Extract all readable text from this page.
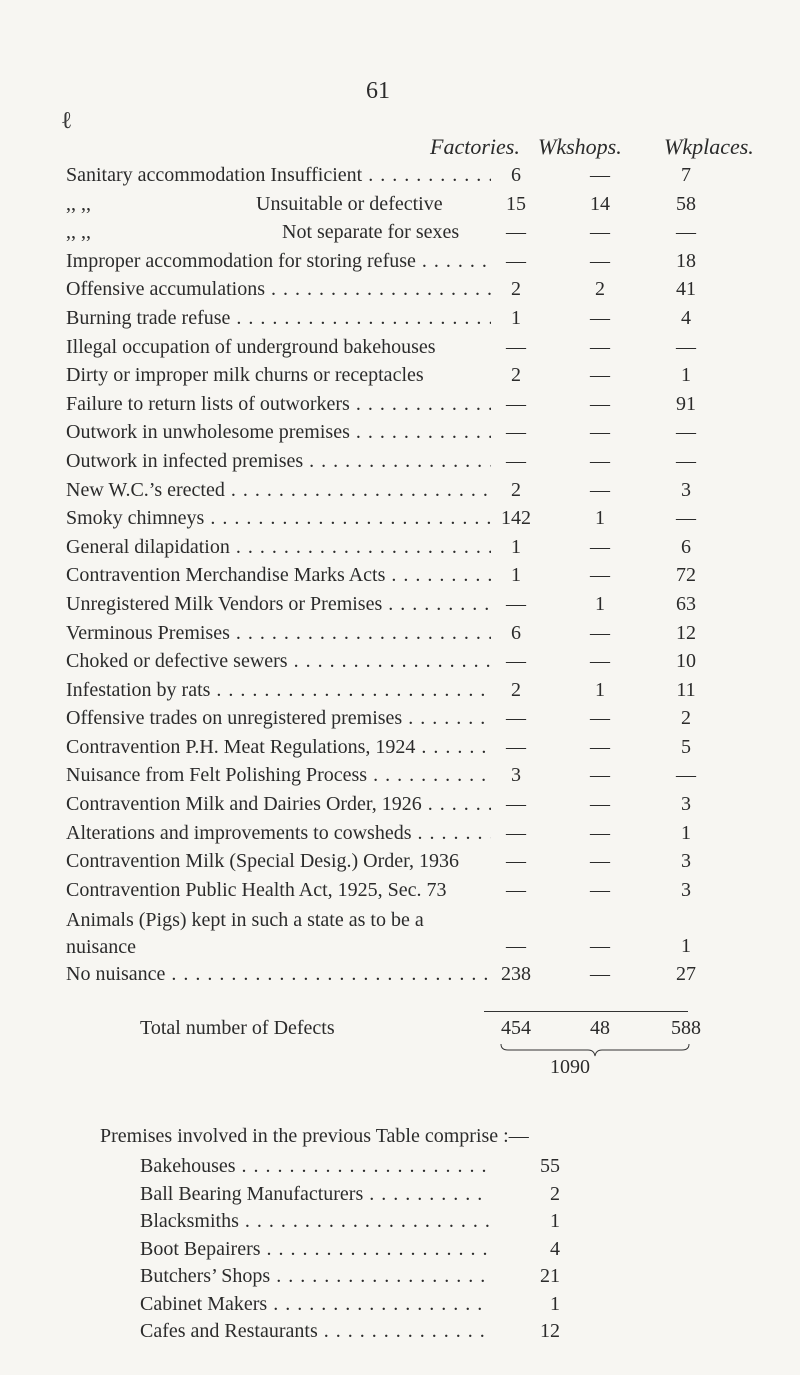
61
ℓ
Factories. Wkshops. Wkplaces.
Sanitary accommodation Insufficient . . .	6	—	7
,, ,,	Unsuitable or defective	15	14	58
,, ,,	Not separate for sexes	—	—	—
Improper accommodation for storing refuse . . .	—	—	18
Offensive accumulations . . .	2	2	41
Burning trade refuse . . .	1	—	4
Illegal occupation of underground bakehouses	—	—	—
Dirty or improper milk churns or receptacles	2	—	1
Failure to return lists of outworkers . . .	—	—	91
Outwork in unwholesome premises . . .	—	—	—
Outwork in infected premises . . .	—	—	—
New W.C.’s erected . . .	2	—	3
Smoky chimneys . . .	142	1	—
General dilapidation . . .	1	—	6
Contravention Merchandise Marks Acts . . .	1	—	72
Unregistered Milk Vendors or Premises . . .	—	1	63
Verminous Premises . . .	6	—	12
Choked or defective sewers . . .	—	—	10
Infestation by rats . . .	2	1	11
Offensive trades on unregistered premises . . .	—	—	2
Contravention P.H. Meat Regulations, 1924 . . .	—	—	5
Nuisance from Felt Polishing Process . . .	3	—	—
Contravention Milk and Dairies Order, 1926 . . .	—	—	3
Alterations and improvements to cowsheds . . .	—	—	1
Contravention Milk (Special Desig.) Order, 1936	—	—	3
Contravention Public Health Act, 1925, Sec. 73	—	—	3
Animals (Pigs) kept in such a state as to be a nuisance	—	—	1
No nuisance . . .	238	—	27
Total number of Defects	454	48	588
1090
Premises involved in the previous Table comprise :—
Bakehouses . . .	55
Ball Bearing Manufacturers . . .	2
Blacksmiths . . .	1
Boot Bepairers . . .	4
Butchers’ Shops . . .	21
Cabinet Makers . . .	1
Cafes and Restaurants . . .	12
